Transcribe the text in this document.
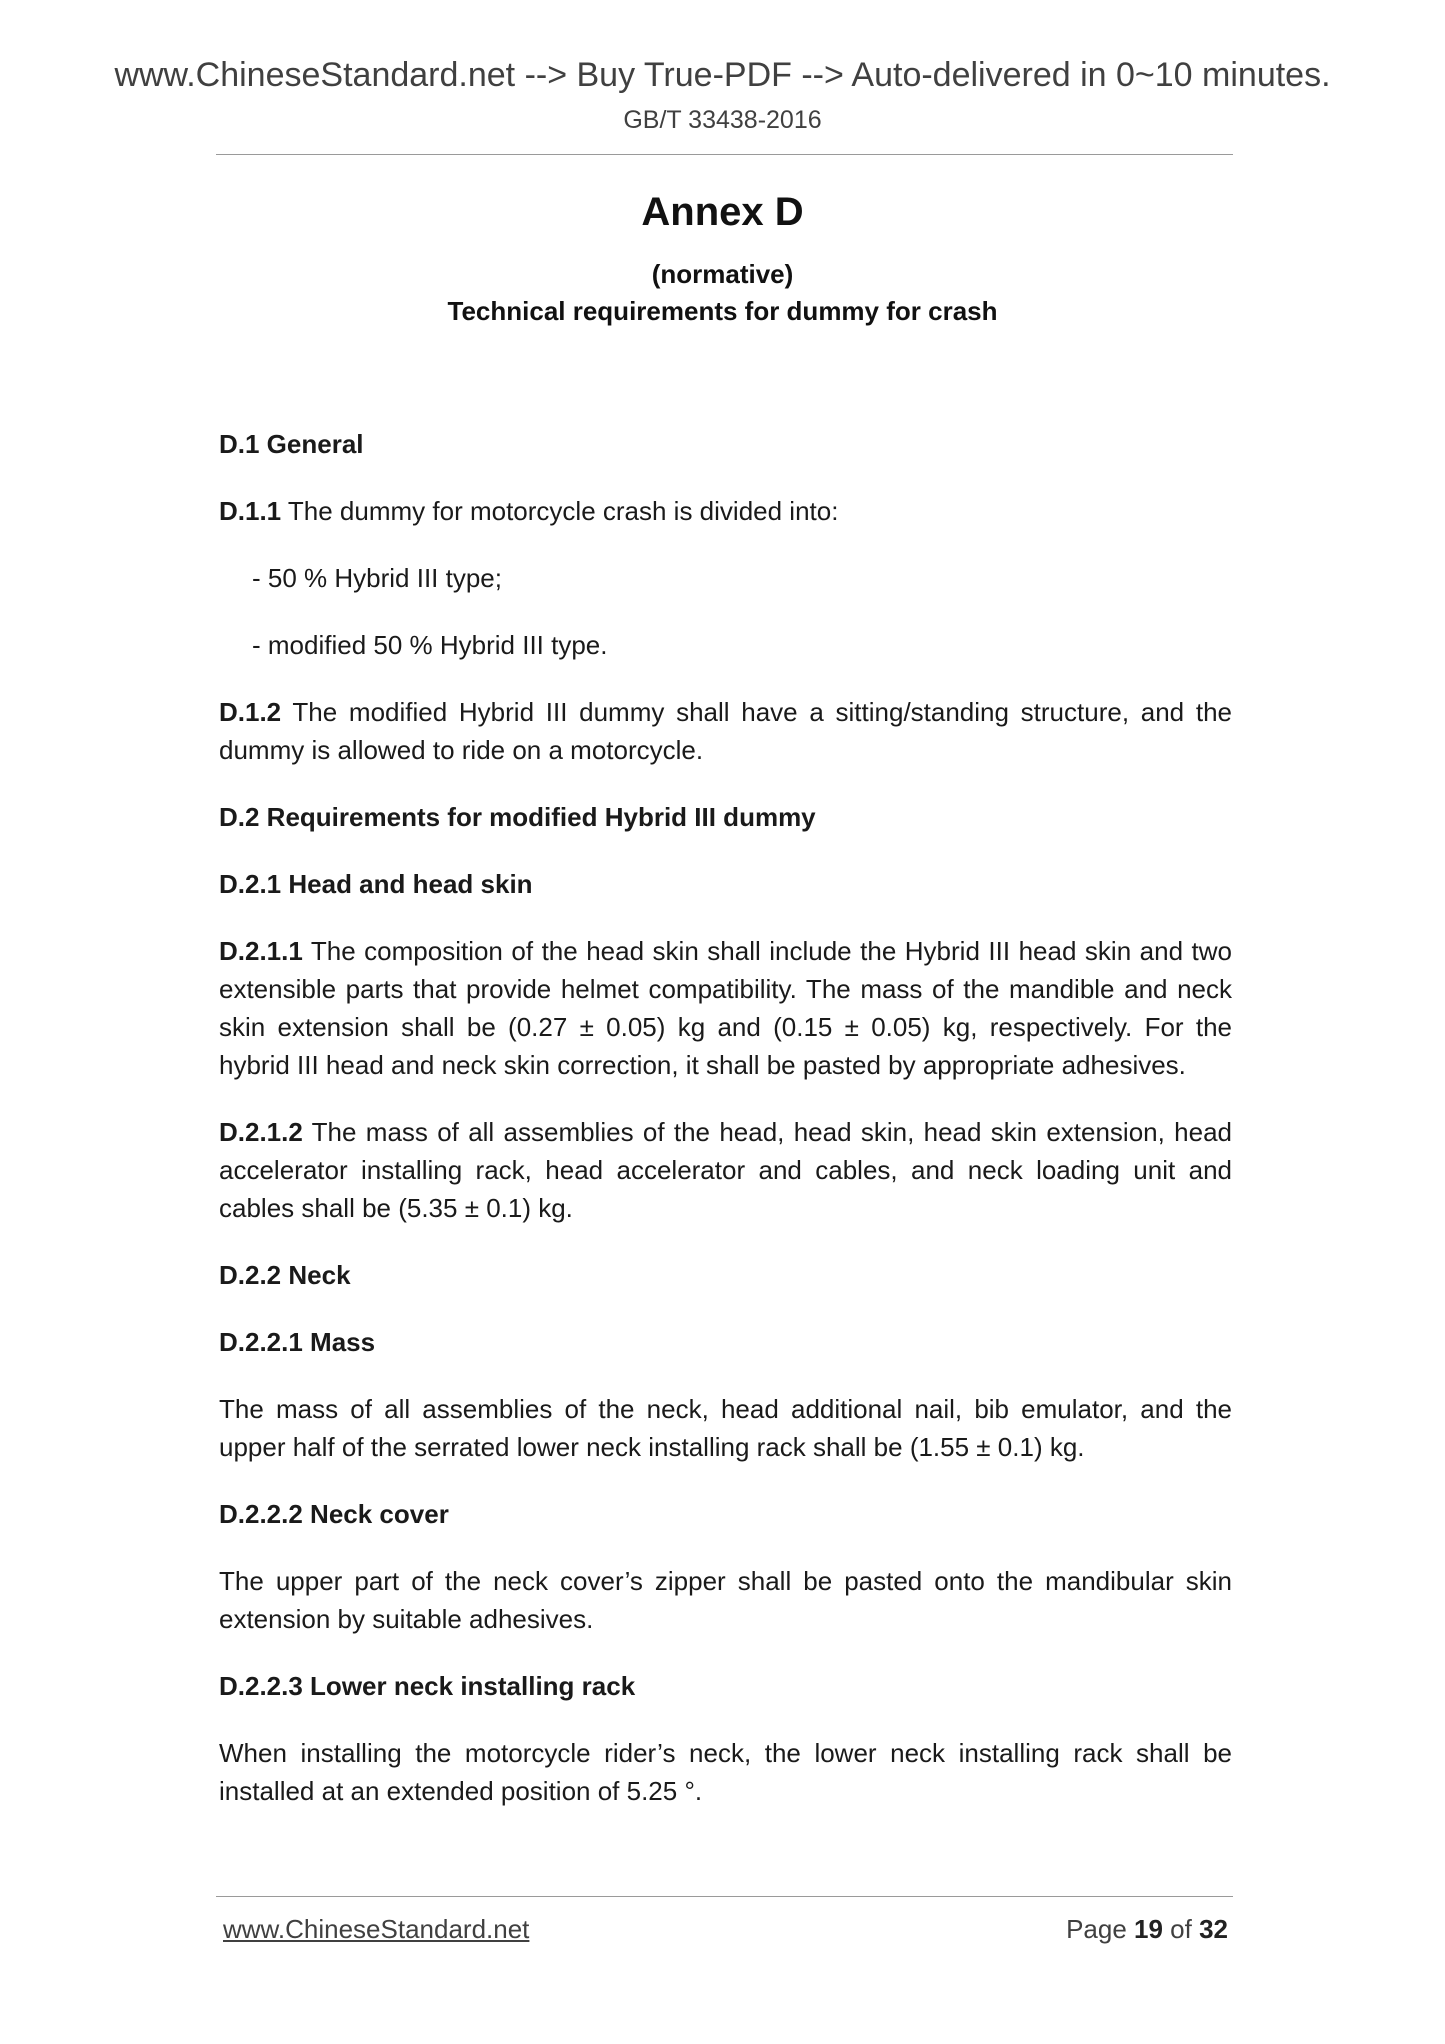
www.ChineseStandard.net --> Buy True-PDF --> Auto-delivered in 0~10 minutes.
GB/T 33438-2016
Annex D
(normative)
Technical requirements for dummy for crash

D.1 General

D.1.1 The dummy for motorcycle crash is divided into:

- 50 % Hybrid III type;

- modified 50 % Hybrid III type.

D.1.2 The modified Hybrid III dummy shall have a sitting/standing structure, and the dummy is allowed to ride on a motorcycle.

D.2 Requirements for modified Hybrid III dummy

D.2.1 Head and head skin

D.2.1.1 The composition of the head skin shall include the Hybrid III head skin and two extensible parts that provide helmet compatibility. The mass of the mandible and neck skin extension shall be (0.27 ± 0.05) kg and (0.15 ± 0.05) kg, respectively. For the hybrid III head and neck skin correction, it shall be pasted by appropriate adhesives.

D.2.1.2 The mass of all assemblies of the head, head skin, head skin extension, head accelerator installing rack, head accelerator and cables, and neck loading unit and cables shall be (5.35 ± 0.1) kg.

D.2.2 Neck

D.2.2.1 Mass

The mass of all assemblies of the neck, head additional nail, bib emulator, and the upper half of the serrated lower neck installing rack shall be (1.55 ± 0.1) kg.

D.2.2.2 Neck cover

The upper part of the neck cover’s zipper shall be pasted onto the mandibular skin extension by suitable adhesives.

D.2.2.3 Lower neck installing rack

When installing the motorcycle rider’s neck, the lower neck installing rack shall be installed at an extended position of 5.25 °.

www.ChineseStandard.net	Page 19 of 32
